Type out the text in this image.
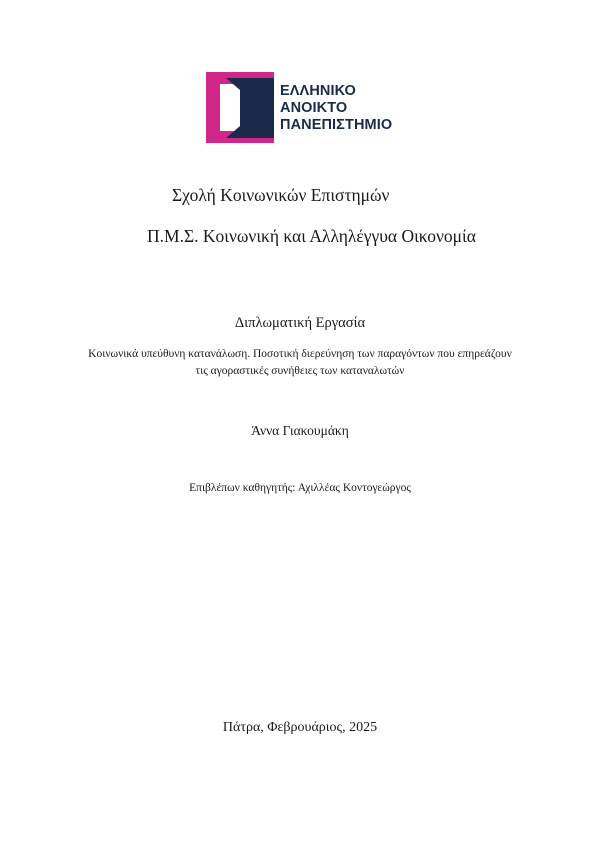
ΕΛΛΗΝΙΚΟ
ΑΝΟΙΚΤΟ
ΠΑΝΕΠΙΣΤΗΜΙΟ
Σχολή Κοινωνικών Επιστημών
Π.Μ.Σ. Κοινωνική και Αλληλέγγυα Οικονομία
Διπλωματική Εργασία
Κοινωνικά υπεύθυνη κατανάλωση. Ποσοτική διερεύνηση των παραγόντων που επηρεάζουν
τις αγοραστικές συνήθειες των καταναλωτών
Άννα Γιακουμάκη
Επιβλέπων καθηγητής: Αχιλλέας Κοντογεώργος
Πάτρα, Φεβρουάριος, 2025
